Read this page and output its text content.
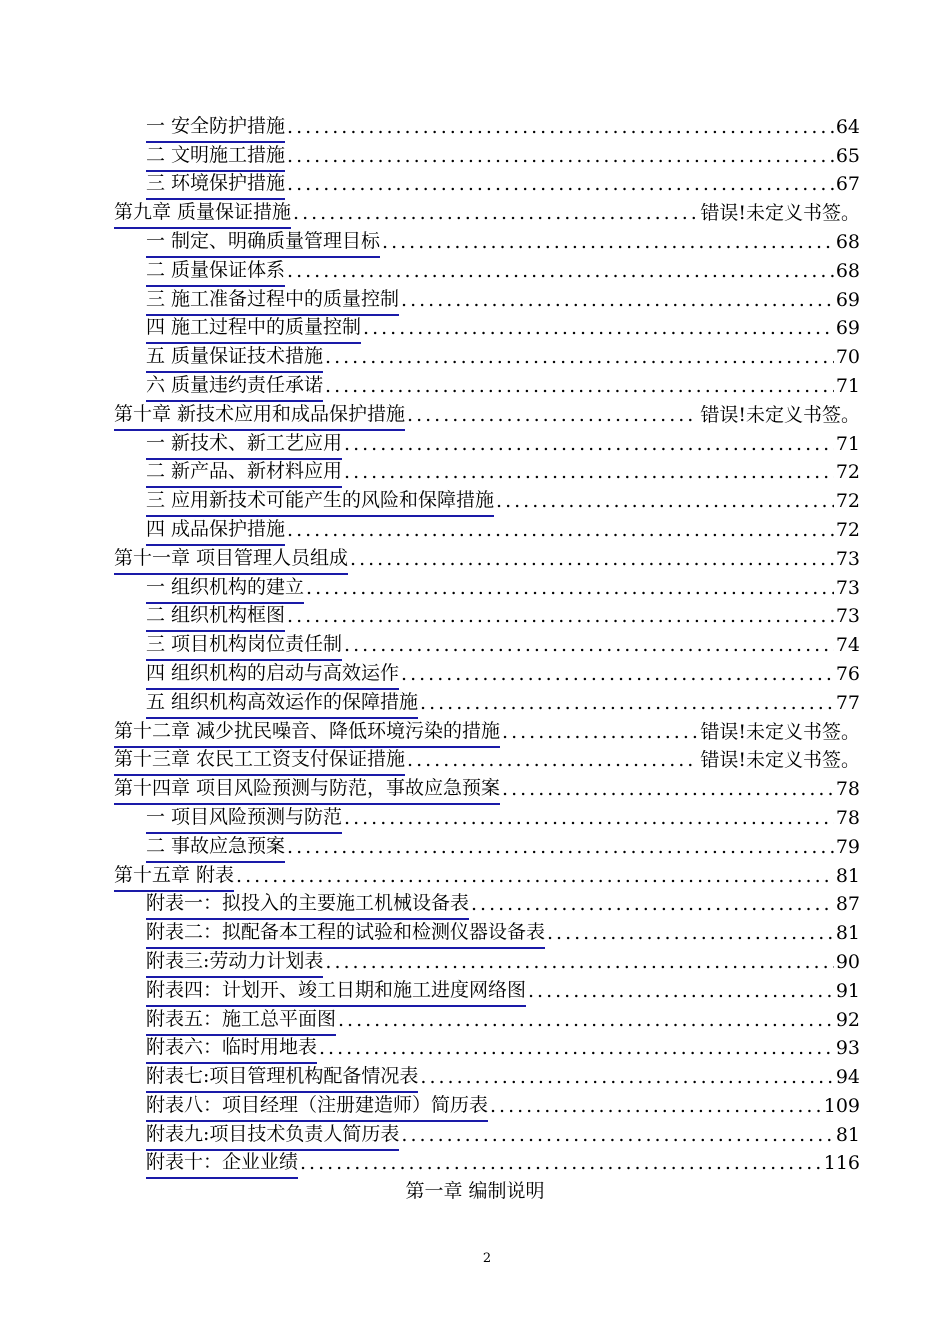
一 安全防护措施 .....	64
二 文明施工措施 .....	65
三 环境保护措施 .....	67
第九章 质量保证措施 .....	错误!未定义书签。
一 制定、明确质量管理目标 .....	68
二 质量保证体系 .....	68
三 施工准备过程中的质量控制 .....	69
四 施工过程中的质量控制 .....	69
五 质量保证技术措施 .....	70
六 质量违约责任承诺 .....	71
第十章 新技术应用和成品保护措施 .....	错误!未定义书签。
一 新技术、新工艺应用 .....	71
二 新产品、新材料应用 .....	72
三 应用新技术可能产生的风险和保障措施 .....	72
四 成品保护措施 .....	72
第十一章 项目管理人员组成 .....	73
一 组织机构的建立 .....	73
二 组织机构框图 .....	73
三 项目机构岗位责任制 .....	74
四 组织机构的启动与高效运作 .....	76
五 组织机构高效运作的保障措施 .....	77
第十二章 减少扰民噪音、降低环境污染的措施 .....	错误!未定义书签。
第十三章 农民工工资支付保证措施 .....	错误!未定义书签。
第十四章 项目风险预测与防范，事故应急预案 .....	78
一 项目风险预测与防范 .....	78
二 事故应急预案 .....	79
第十五章 附表 .....	81
附表一：拟投入的主要施工机械设备表 .....	87
附表二：拟配备本工程的试验和检测仪器设备表 .....	81
附表三:劳动力计划表 .....	90
附表四：计划开、竣工日期和施工进度网络图 .....	91
附表五：施工总平面图 .....	92
附表六：临时用地表 .....	93
附表七:项目管理机构配备情况表 .....	94
附表八：项目经理（注册建造师）简历表 .....	109
附表九:项目技术负责人简历表 .....	81
附表十：企业业绩 .....	116
第一章 编制说明
2
